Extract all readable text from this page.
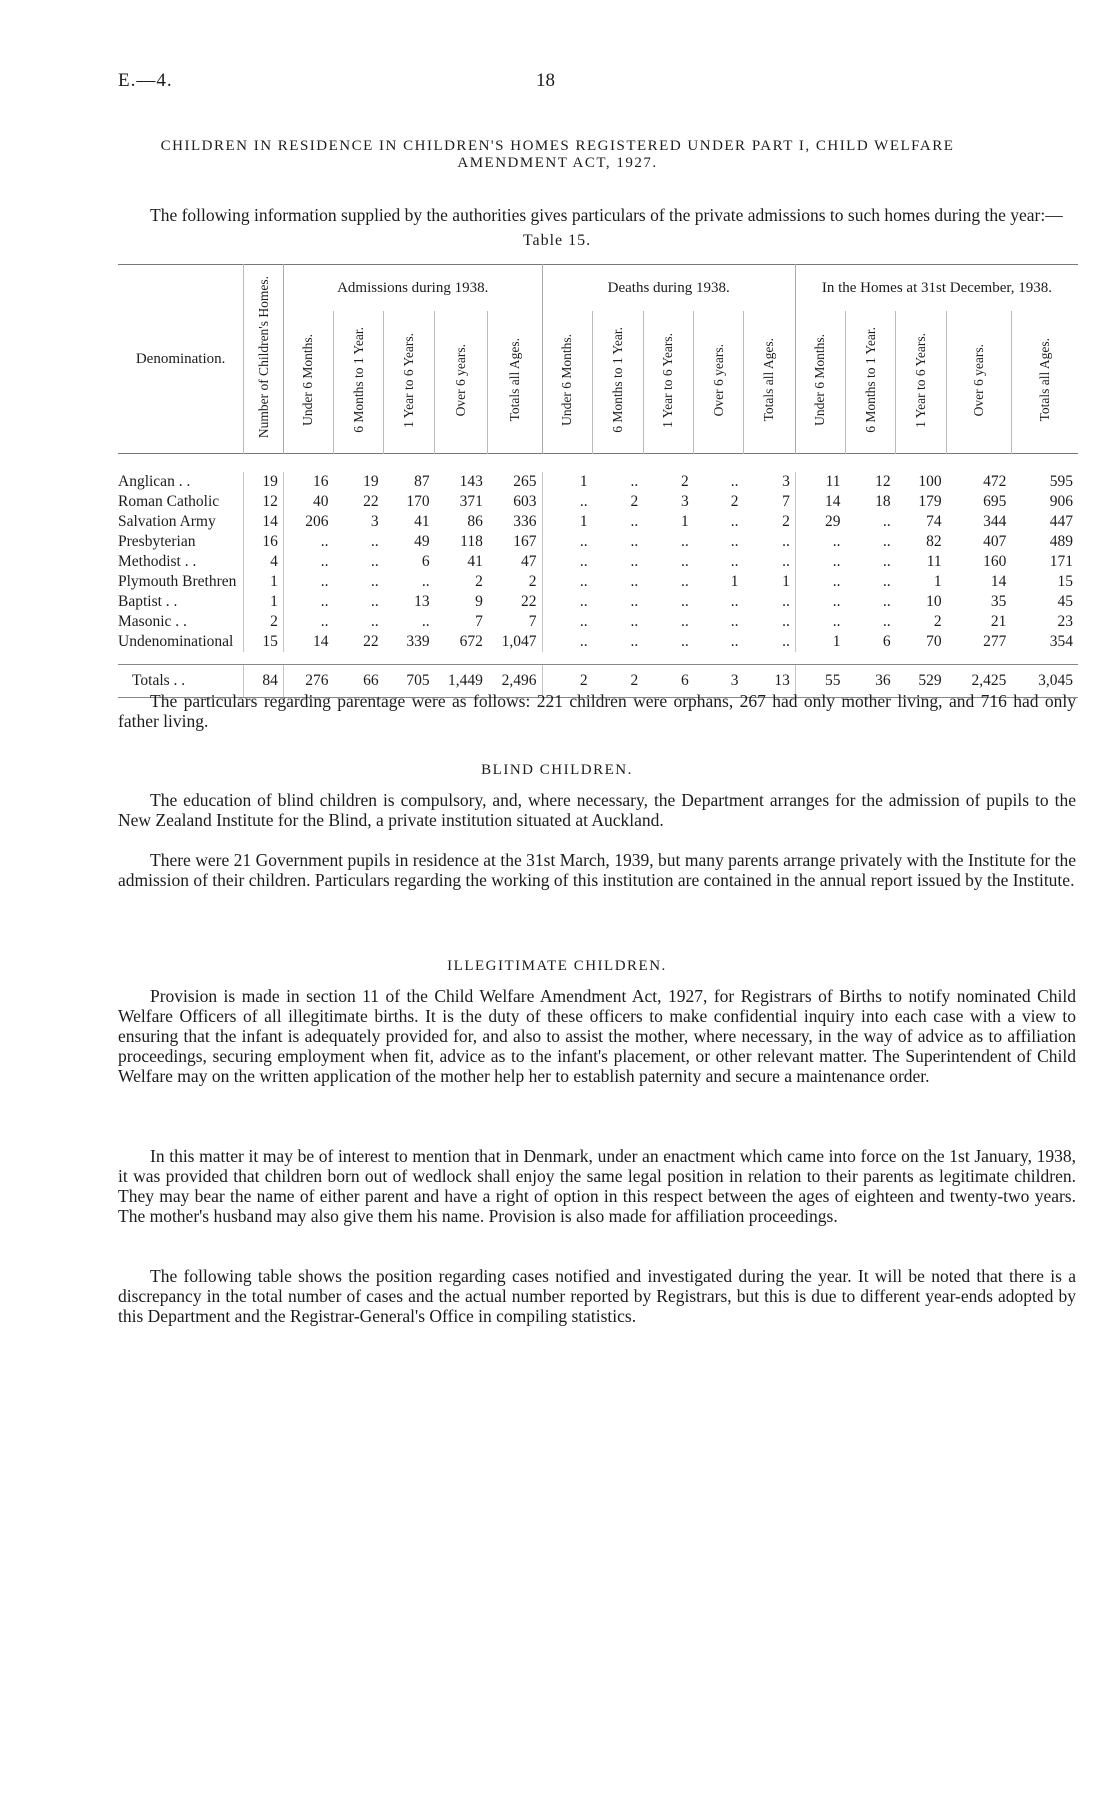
E.—4.	18
CHILDREN IN RESIDENCE IN CHILDREN'S HOMES REGISTERED UNDER PART I, CHILD WELFARE AMENDMENT ACT, 1927.

The following information supplied by the authorities gives particulars of the private admissions to such homes during the year:—

Table 15.
Denomination.	Number of Children's Homes.	Admissions during 1938.					Deaths during 1938.					In the Homes at 31st December, 1938.				
		Under 6 Months.	6 Months to 1 Year.	1 Year to 6 Years.	Over 6 years.	Totals all Ages.	Under 6 Months.	6 Months to 1 Year.	1 Year to 6 Years.	Over 6 years.	Totals all Ages.	Under 6 Months.	6 Months to 1 Year.	1 Year to 6 Years.	Over 6 years.	Totals all Ages.

Anglican . .	19	16	19	87	143	265	1	..	2	..	3	11	12	100	472	595
Roman Catholic	12	40	22	170	371	603	..	2	3	2	7	14	18	179	695	906
Salvation Army	14	206	3	41	86	336	1	..	1	..	2	29	..	74	344	447
Presbyterian	16	..	..	49	118	167	..	..	..	..	..	..	..	82	407	489
Methodist . .	4	..	..	6	41	47	..	..	..	..	..	..	..	11	160	171
Plymouth Brethren	1	..	..	..	2	2	..	..	..	1	1	..	..	1	14	15
Baptist . .	1	..	..	13	9	22	..	..	..	..	..	..	..	10	35	45
Masonic . .	2	..	..	..	7	7	..	..	..	..	..	..	..	2	21	23
Undenominational	15	14	22	339	672	1,047	..	..	..	..	..	1	6	70	277	354

Totals . .	84	276	66	705	1,449	2,496	2	2	6	3	13	55	36	529	2,425	3,045

The particulars regarding parentage were as follows: 221 children were orphans, 267 had only mother living, and 716 had only father living.

BLIND CHILDREN.

The education of blind children is compulsory, and, where necessary, the Department arranges for the admission of pupils to the New Zealand Institute for the Blind, a private institution situated at Auckland.

There were 21 Government pupils in residence at the 31st March, 1939, but many parents arrange privately with the Institute for the admission of their children. Particulars regarding the working of this institution are contained in the annual report issued by the Institute.

ILLEGITIMATE CHILDREN.

Provision is made in section 11 of the Child Welfare Amendment Act, 1927, for Registrars of Births to notify nominated Child Welfare Officers of all illegitimate births. It is the duty of these officers to make confidential inquiry into each case with a view to ensuring that the infant is adequately provided for, and also to assist the mother, where necessary, in the way of advice as to affiliation proceedings, securing employment when fit, advice as to the infant's placement, or other relevant matter. The Superintendent of Child Welfare may on the written application of the mother help her to establish paternity and secure a maintenance order.

In this matter it may be of interest to mention that in Denmark, under an enactment which came into force on the 1st January, 1938, it was provided that children born out of wedlock shall enjoy the same legal position in relation to their parents as legitimate children. They may bear the name of either parent and have a right of option in this respect between the ages of eighteen and twenty-two years. The mother's husband may also give them his name. Provision is also made for affiliation proceedings.

The following table shows the position regarding cases notified and investigated during the year. It will be noted that there is a discrepancy in the total number of cases and the actual number reported by Registrars, but this is due to different year-ends adopted by this Department and the Registrar-General's Office in compiling statistics.
